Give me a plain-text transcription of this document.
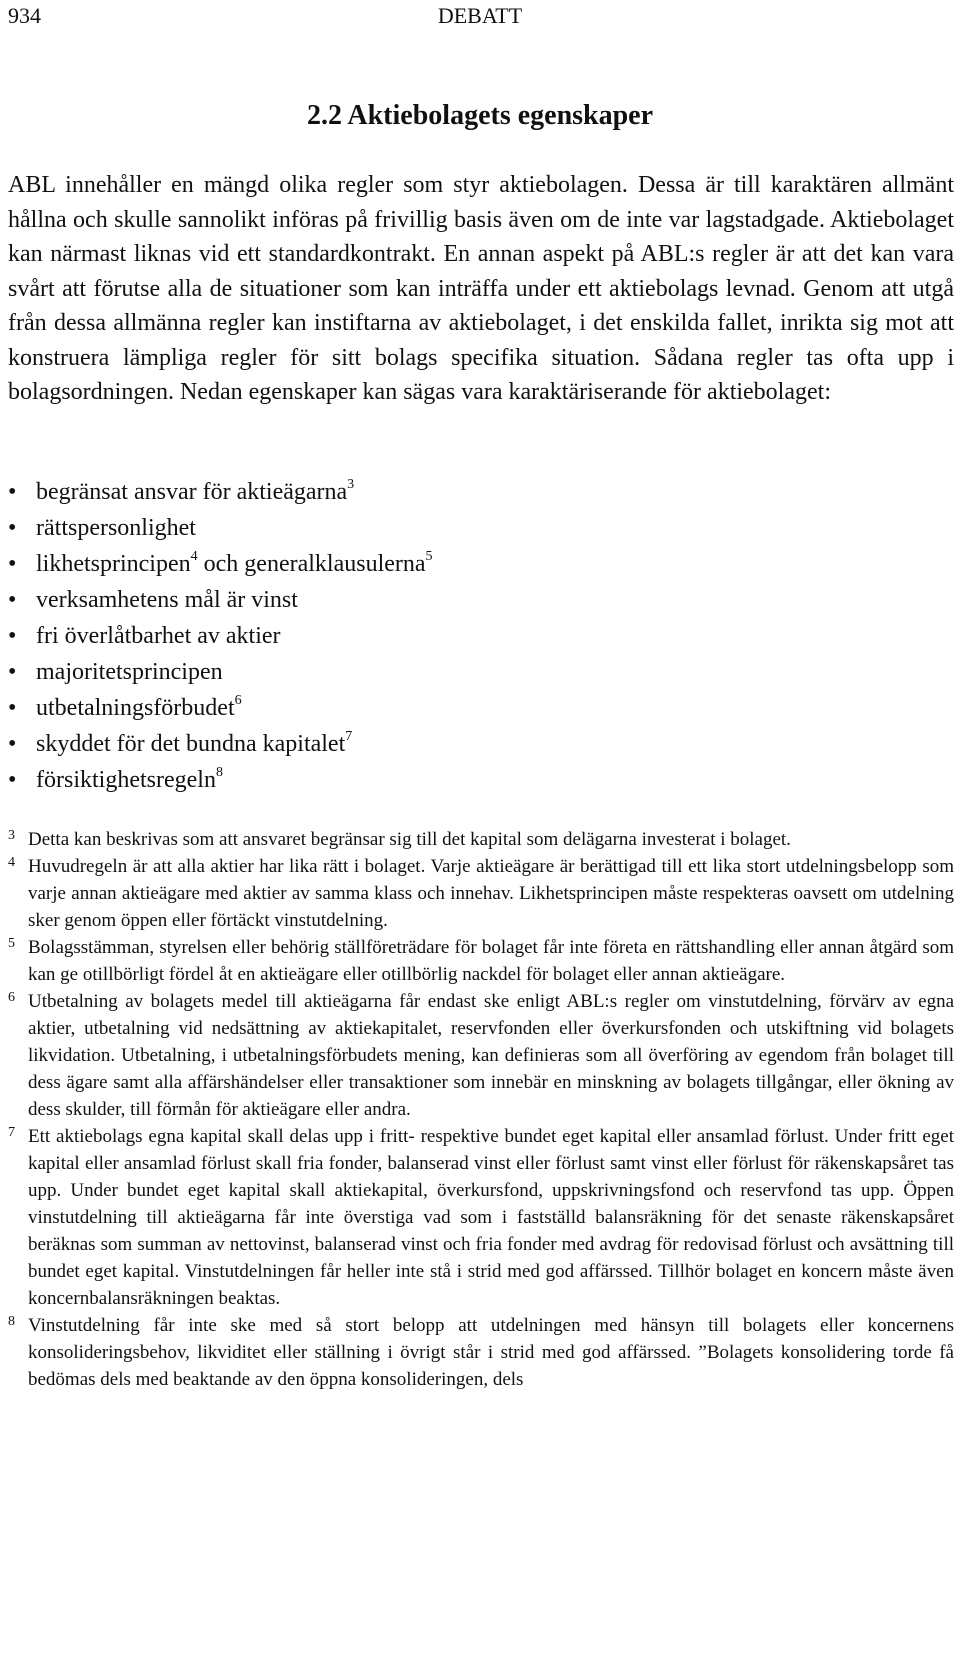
934	DEBATT
2.2 Aktiebolagets egenskaper

ABL innehåller en mängd olika regler som styr aktiebolagen. Dessa är till karaktären allmänt hållna och skulle sannolikt införas på frivillig basis även om de inte var lagstadgade. Aktiebolaget kan närmast liknas vid ett standardkontrakt. En annan aspekt på ABL:s regler är att det kan vara svårt att förutse alla de situationer som kan inträffa under ett aktiebolags levnad. Genom att utgå från dessa allmänna regler kan instiftarna av aktiebolaget, i det enskilda fallet, inrikta sig mot att konstruera lämpliga regler för sitt bolags specifika situation. Sådana regler tas ofta upp i bolagsordningen. Nedan egenskaper kan sägas vara karaktäriserande för aktiebolaget:

• begränsat ansvar för aktieägarna$^3$
• rättspersonlighet
• likhetsprincipen$^4$ och generalklausulerna$^5$
• verksamhetens mål är vinst
• fri överlåtbarhet av aktier
• majoritetsprincipen
• utbetalningsförbudet$^6$
• skyddet för det bundna kapitalet$^7$
• försiktighetsregeln$^8$
3 Detta kan beskrivas som att ansvaret begränsar sig till det kapital som delägarna investerat i bolaget.
4 Huvudregeln är att alla aktier har lika rätt i bolaget. Varje aktieägare är berättigad till ett lika stort utdelningsbelopp som varje annan aktieägare med aktier av samma klass och innehav. Likhetsprincipen måste respekteras oavsett om utdelning sker genom öppen eller förtäckt vinstutdelning.
5 Bolagsstämman, styrelsen eller behörig ställföreträdare för bolaget får inte företa en rättshandling eller annan åtgärd som kan ge otillbörligt fördel åt en aktieägare eller otillbörlig nackdel för bolaget eller annan aktieägare.
6 Utbetalning av bolagets medel till aktieägarna får endast ske enligt ABL:s regler om vinstutdelning, förvärv av egna aktier, utbetalning vid nedsättning av aktiekapitalet, reservfonden eller överkursfonden och utskiftning vid bolagets likvidation. Utbetalning, i utbetalningsförbudets mening, kan definieras som all överföring av egendom från bolaget till dess ägare samt alla affärshändelser eller transaktioner som innebär en minskning av bolagets tillgångar, eller ökning av dess skulder, till förmån för aktieägare eller andra.
7 Ett aktiebolags egna kapital skall delas upp i fritt- respektive bundet eget kapital eller ansamlad förlust. Under fritt eget kapital eller ansamlad förlust skall fria fonder, balanserad vinst eller förlust samt vinst eller förlust för räkenskapsåret tas upp. Under bundet eget kapital skall aktiekapital, överkursfond, uppskrivningsfond och reservfond tas upp. Öppen vinstutdelning till aktieägarna får inte överstiga vad som i fastställd balansräkning för det senaste räkenskapsåret beräknas som summan av nettovinst, balanserad vinst och fria fonder med avdrag för redovisad förlust och avsättning till bundet eget kapital. Vinstutdelningen får heller inte stå i strid med god affärssed. Tillhör bolaget en koncern måste även koncernbalansräkningen beaktas.
8 Vinstutdelning får inte ske med så stort belopp att utdelningen med hänsyn till bolagets eller koncernens konsolideringsbehov, likviditet eller ställning i övrigt står i strid med god affärssed. ”Bolagets konsolidering torde få bedömas dels med beaktande av den öppna konsolideringen, dels
